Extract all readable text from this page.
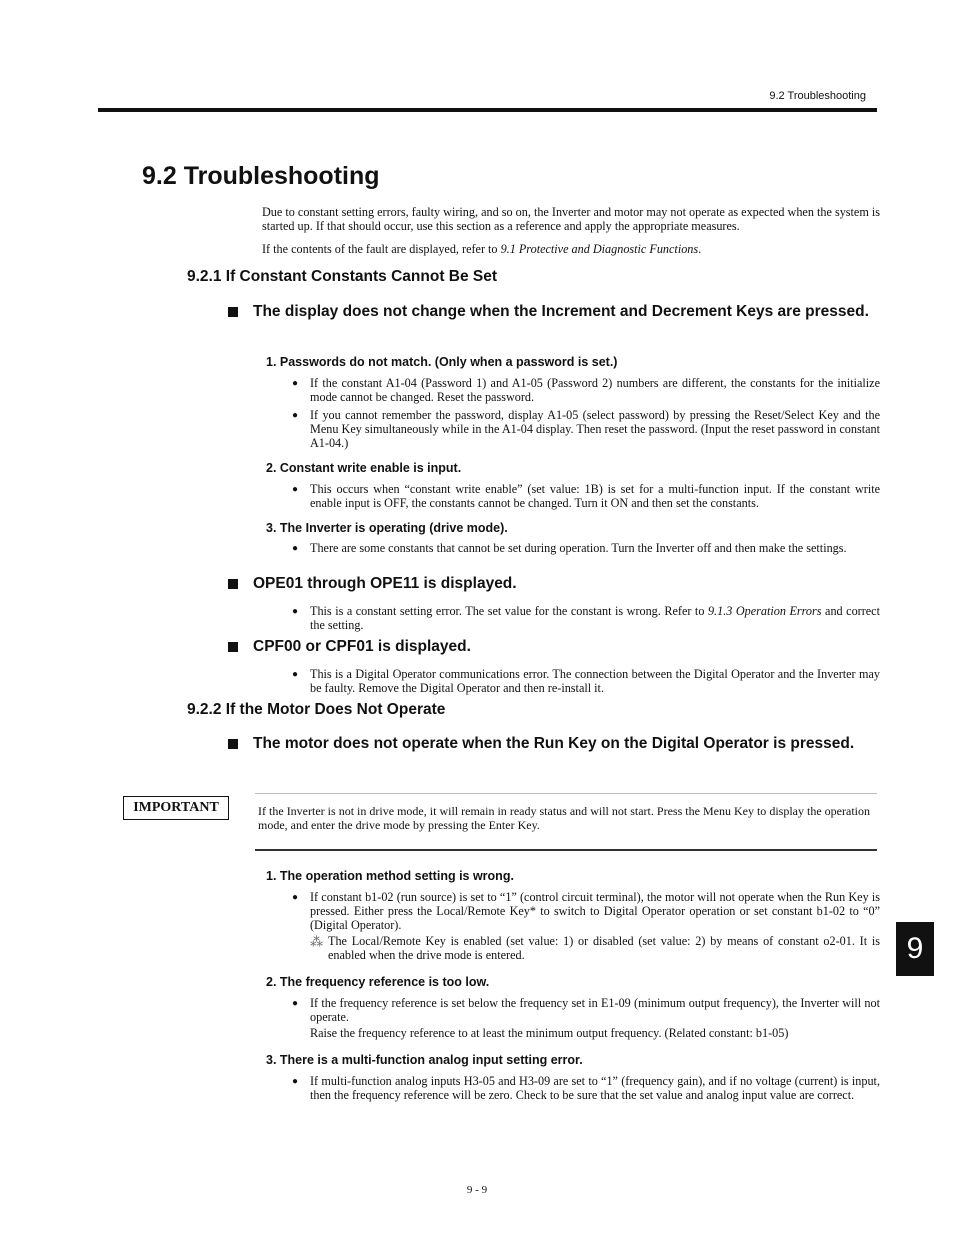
9.2 Troubleshooting
9.2 Troubleshooting

Due to constant setting errors, faulty wiring, and so on, the Inverter and motor may not operate as expected when the system is started up. If that should occur, use this section as a reference and apply the appropriate measures.

If the contents of the fault are displayed, refer to 9.1 Protective and Diagnostic Functions.

9.2.1 If Constant Constants Cannot Be Set
The display does not change when the Increment and Decrement Keys are pressed.
1. Passwords do not match. (Only when a password is set.)
● If the constant A1-04 (Password 1) and A1-05 (Password 2) numbers are different, the constants for the initialize mode cannot be changed. Reset the password.

● If you cannot remember the password, display A1-05 (select password) by pressing the Reset/Select Key and the Menu Key simultaneously while in the A1-04 display. Then reset the password. (Input the reset password in constant A1-04.)

2. Constant write enable is input.
● This occurs when “constant write enable” (set value: 1B) is set for a multi-function input. If the constant write enable input is OFF, the constants cannot be changed. Turn it ON and then set the constants.

3. The Inverter is operating (drive mode).
● There are some constants that cannot be set during operation. Turn the Inverter off and then make the settings.

OPE01 through OPE11 is displayed.
● This is a constant setting error. The set value for the constant is wrong. Refer to 9.1.3 Operation Errors and correct the setting.

CPF00 or CPF01 is displayed.
● This is a Digital Operator communications error. The connection between the Digital Operator and the Inverter may be faulty. Remove the Digital Operator and then re-install it.

9.2.2 If the Motor Does Not Operate
The motor does not operate when the Run Key on the Digital Operator is pressed.
IMPORTANT	If the Inverter is not in drive mode, it will remain in ready status and will not start. Press the Menu Key to display the operation mode, and enter the drive mode by pressing the Enter Key.

1. The operation method setting is wrong.
● If constant b1-02 (run source) is set to “1” (control circuit terminal), the motor will not operate when the Run Key is pressed. Either press the Local/Remote Key* to switch to Digital Operator operation or set constant b1-02 to “0” (Digital Operator).

⁂ The Local/Remote Key is enabled (set value: 1) or disabled (set value: 2) by means of constant o2-01. It is enabled when the drive mode is entered.

2. The frequency reference is too low.
● If the frequency reference is set below the frequency set in E1-09 (minimum output frequency), the Inverter will not operate.

Raise the frequency reference to at least the minimum output frequency. (Related constant: b1-05)

3. There is a multi-function analog input setting error.
● If multi-function analog inputs H3-05 and H3-09 are set to “1” (frequency gain), and if no voltage (current) is input, then the frequency reference will be zero. Check to be sure that the set value and analog input value are correct.

9
9 - 9
